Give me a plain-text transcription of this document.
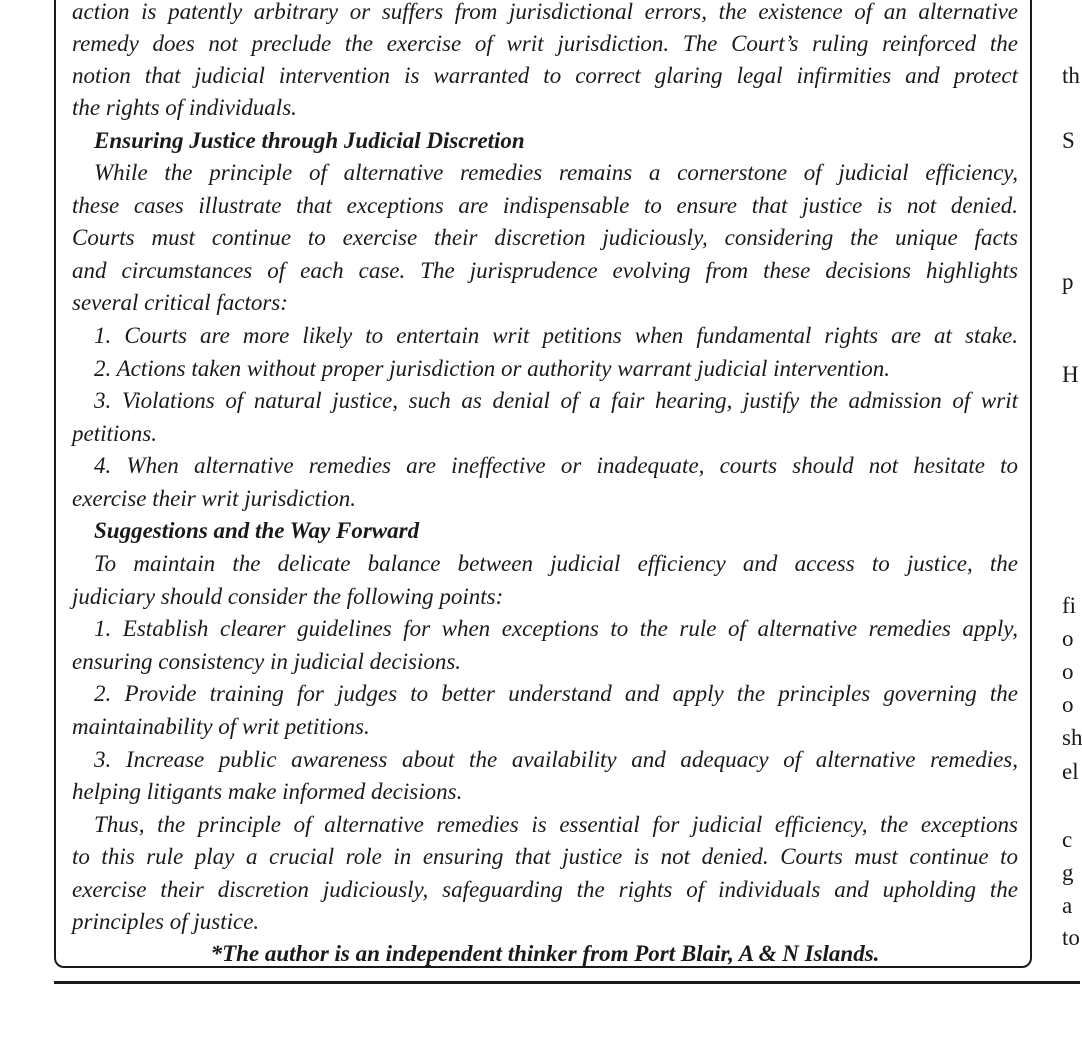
action is patently arbitrary or suffers from jurisdictional errors, the existence of an alternative
remedy does not preclude the exercise of writ jurisdiction. The Court’s ruling reinforced the
notion that judicial intervention is warranted to correct glaring legal infirmities and protect
the rights of individuals.
Ensuring Justice through Judicial Discretion
While the principle of alternative remedies remains a cornerstone of judicial efficiency,
these cases illustrate that exceptions are indispensable to ensure that justice is not denied.
Courts must continue to exercise their discretion judiciously, considering the unique facts
and circumstances of each case. The jurisprudence evolving from these decisions highlights
several critical factors:
1. Courts are more likely to entertain writ petitions when fundamental rights are at stake.
2. Actions taken without proper jurisdiction or authority warrant judicial intervention.
3. Violations of natural justice, such as denial of a fair hearing, justify the admission of writ
petitions.
4. When alternative remedies are ineffective or inadequate, courts should not hesitate to
exercise their writ jurisdiction.
Suggestions and the Way Forward
To maintain the delicate balance between judicial efficiency and access to justice, the
judiciary should consider the following points:
1. Establish clearer guidelines for when exceptions to the rule of alternative remedies apply,
ensuring consistency in judicial decisions.
2. Provide training for judges to better understand and apply the principles governing the
maintainability of writ petitions.
3. Increase public awareness about the availability and adequacy of alternative remedies,
helping litigants make informed decisions.
Thus, the principle of alternative remedies is essential for judicial efficiency, the exceptions
to this rule play a crucial role in ensuring that justice is not denied. Courts must continue to
exercise their discretion judiciously, safeguarding the rights of individuals and upholding the
principles of justice.
*The author is an independent thinker from Port Blair, A & N Islands.
th
S
p
H
fi
o
o
o
sh
el
c
g
a
to
